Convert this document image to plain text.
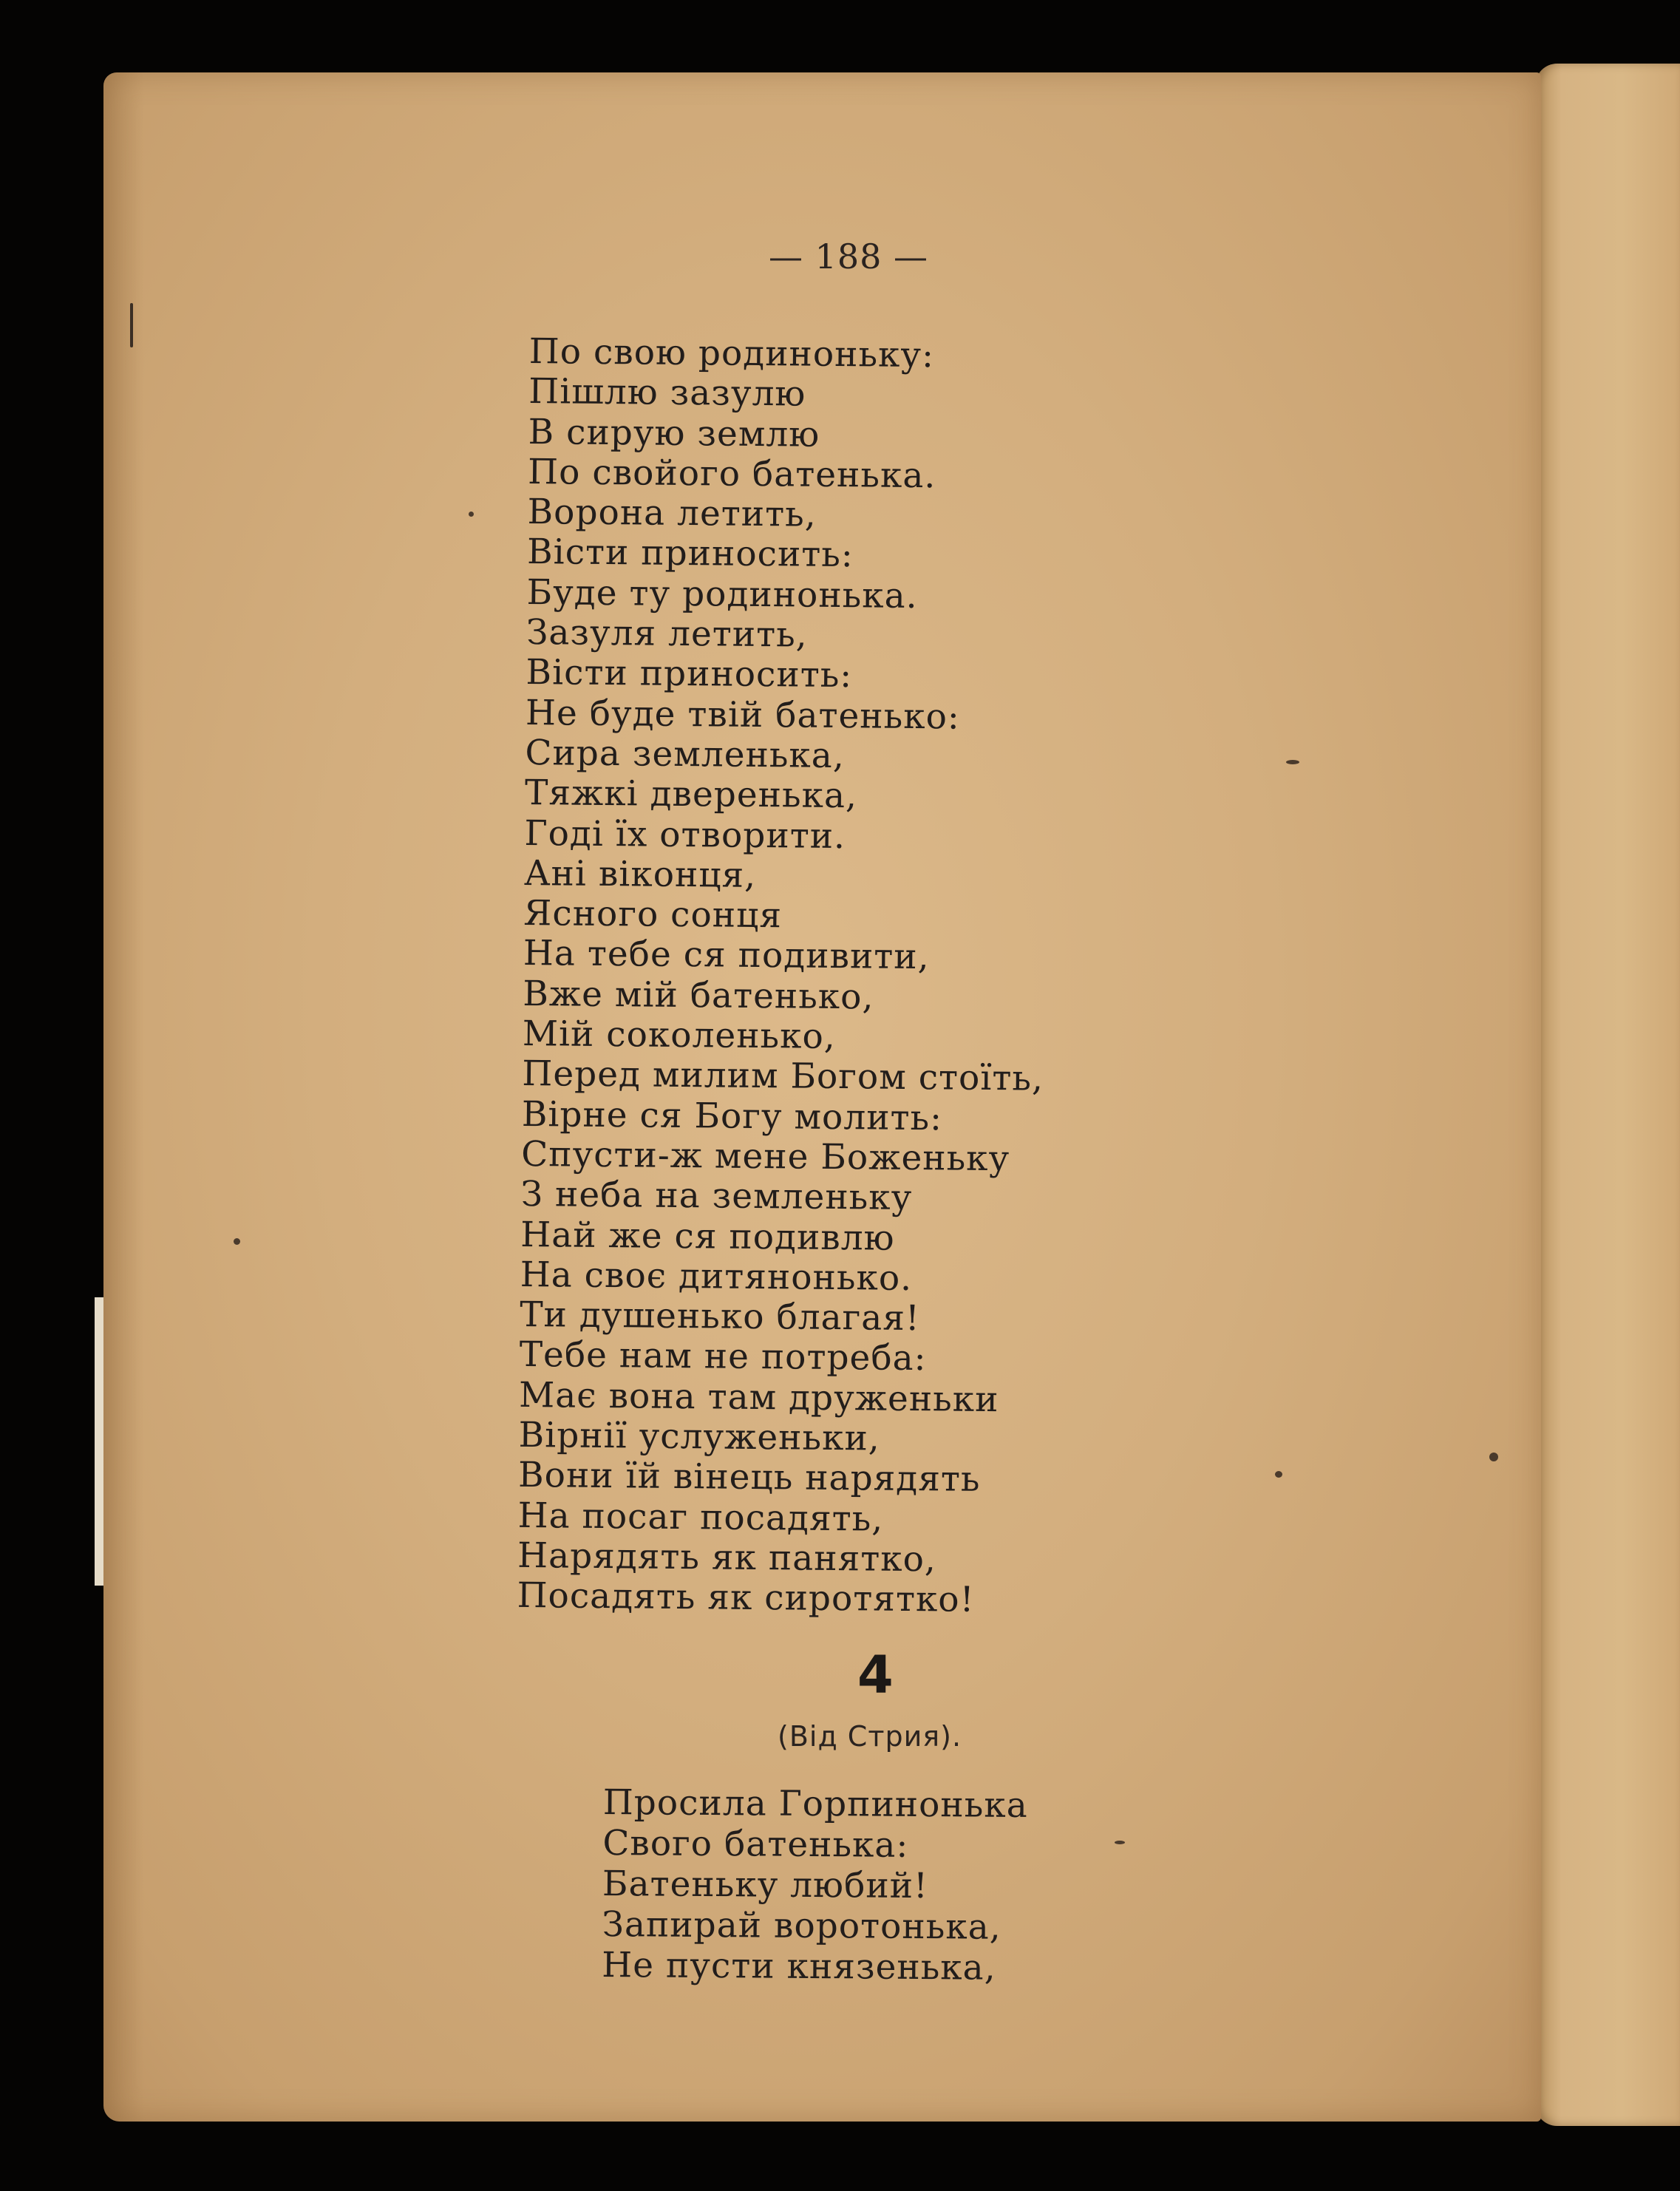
— 188 —
По свою родиноньку:
Пішлю зазулю
В сирую землю
По свойого батенька.
Ворона летить,
Вісти приносить:
Буде ту родинонька.
Зазуля летить,
Вісти приносить:
Не буде твій батенько:
Сира земленька,
Тяжкі дверенька,
Годі їх отворити.
Ані віконця,
Ясного сонця
На тебе ся подивити,
Вже мій батенько,
Мій соколенько,
Перед милим Богом стоїть,
Вірне ся Богу молить:
Спусти-ж мене Боженьку
З неба на земленьку
Най же ся подивлю
На своє дитянонько.
Ти душенько благая!
Тебе нам не потреба:
Має вона там друженьки
Вірнії услуженьки,
Вони їй вінець нарядять
На посаг посадять,
Нарядять як панятко,
Посадять як сиротятко!
4
(Від Стрия).
Просила Горпинонька
Свого батенька:
Батеньку любий!
Запирай воротонька,
Не пусти князенька,
